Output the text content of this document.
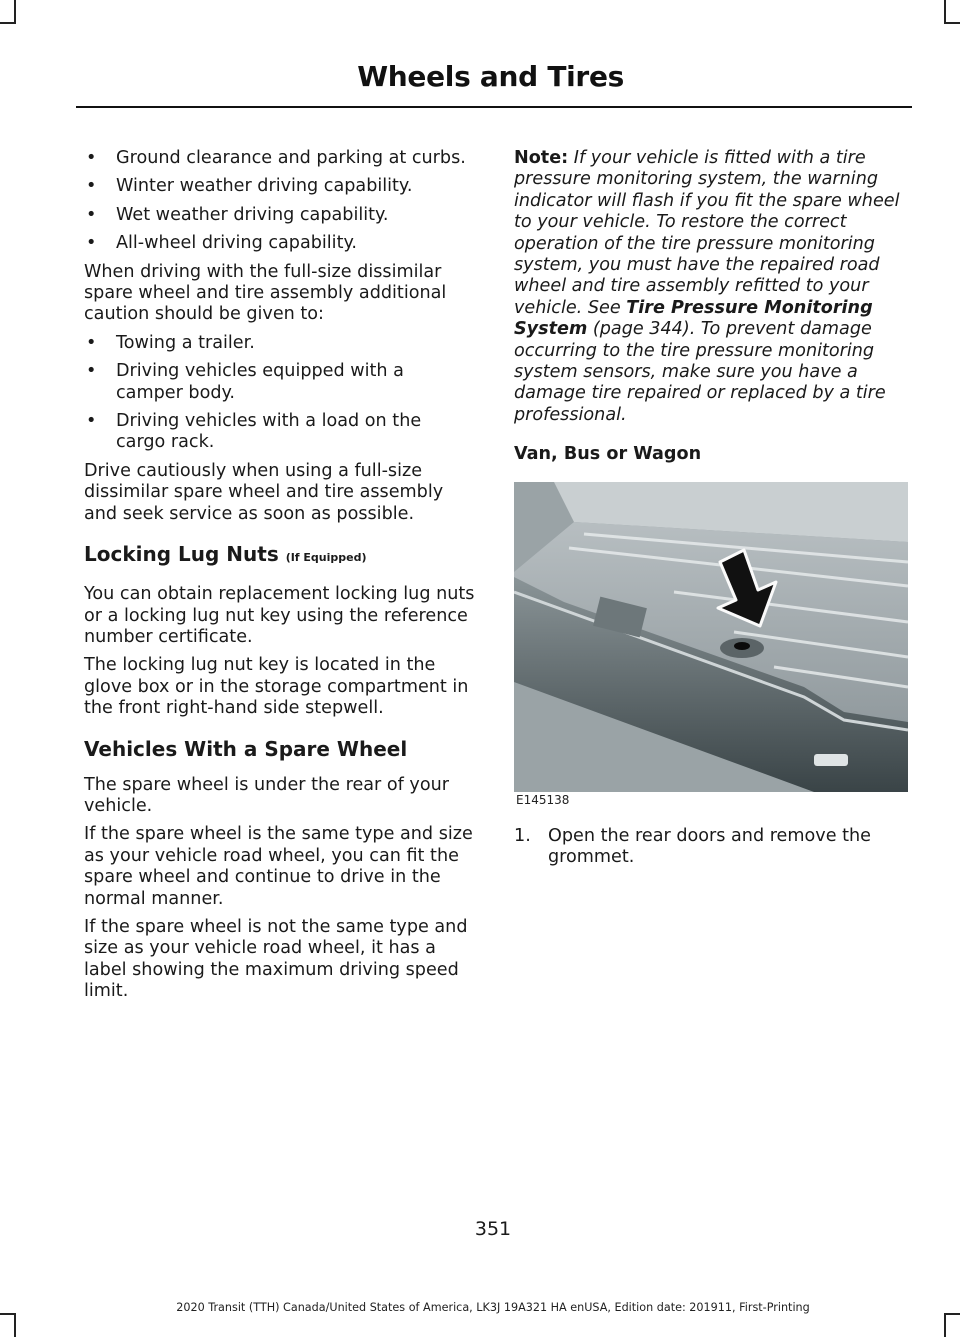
Wheels and Tires
• Ground clearance and parking at curbs.
• Winter weather driving capability.
• Wet weather driving capability.
• All-wheel driving capability.

When driving with the full-size dissimilar spare wheel and tire assembly additional caution should be given to:

• Towing a trailer.
• Driving vehicles equipped with a camper body.
• Driving vehicles with a load on the cargo rack.

Drive cautiously when using a full-size dissimilar spare wheel and tire assembly and seek service as soon as possible.

Locking Lug Nuts (If Equipped)

You can obtain replacement locking lug nuts or a locking lug nut key using the reference number certificate.

The locking lug nut key is located in the glove box or in the storage compartment in the front right-hand side stepwell.

Vehicles With a Spare Wheel

The spare wheel is under the rear of your vehicle.

If the spare wheel is the same type and size as your vehicle road wheel, you can fit the spare wheel and continue to drive in the normal manner.

If the spare wheel is not the same type and size as your vehicle road wheel, it has a label showing the maximum driving speed limit.

Note: If your vehicle is fitted with a tire pressure monitoring system, the warning indicator will flash if you fit the spare wheel to your vehicle. To restore the correct operation of the tire pressure monitoring system, you must have the repaired road wheel and tire assembly refitted to your vehicle. See Tire Pressure Monitoring System (page 344). To prevent damage occurring to the tire pressure monitoring system sensors, make sure you have a damage tire repaired or replaced by a tire professional.

Van, Bus or Wagon
E145138
1. Open the rear doors and remove the grommet.
351
2020 Transit (TTH) Canada/United States of America, LK3J 19A321 HA enUSA, Edition date: 201911, First-Printing
